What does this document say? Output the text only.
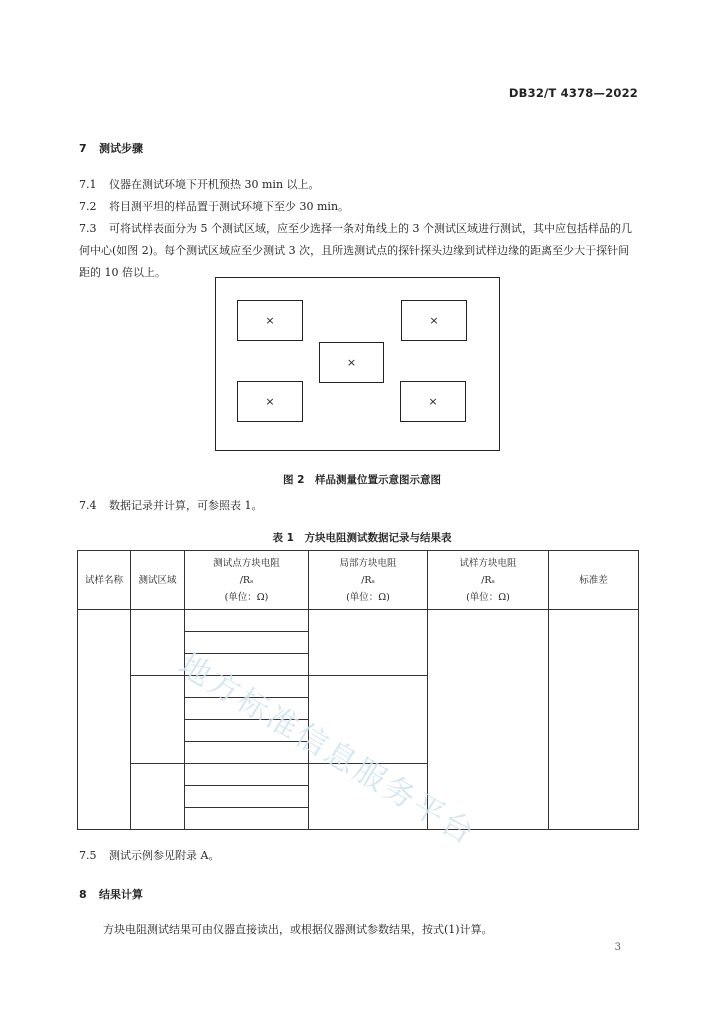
DB32/T 4378—2022
7 测试步骤
7.1 仪器在测试环境下开机预热 30 min 以上。
7.2 将目测平坦的样品置于测试环境下至少 30 min。
7.3 可将试样表面分为 5 个测试区域，应至少选择一条对角线上的 3 个测试区域进行测试，其中应包括样品的几何中心(如图 2)。每个测试区域应至少测试 3 次，且所选测试点的探针探头边缘到试样边缘的距离至少大于探针间距的 10 倍以上。
×	×
×
×	×
图 2　样品测量位置示意图示意图
7.4 数据记录并计算，可参照表 1。
表 1　方块电阻测试数据记录与结果表
试样名称	测试区域	测试点方块电阻
/Rₛ
(单位：Ω)	局部方块电阻
/Rₛ
(单位：Ω)	试样方块电阻
/Rₛ
(单位：Ω)	标准差

地方标准信息服务平台
7.5 测试示例参见附录 A。
8 结果计算
方块电阻测试结果可由仪器直接读出，或根据仪器测试参数结果，按式(1)计算。
3
